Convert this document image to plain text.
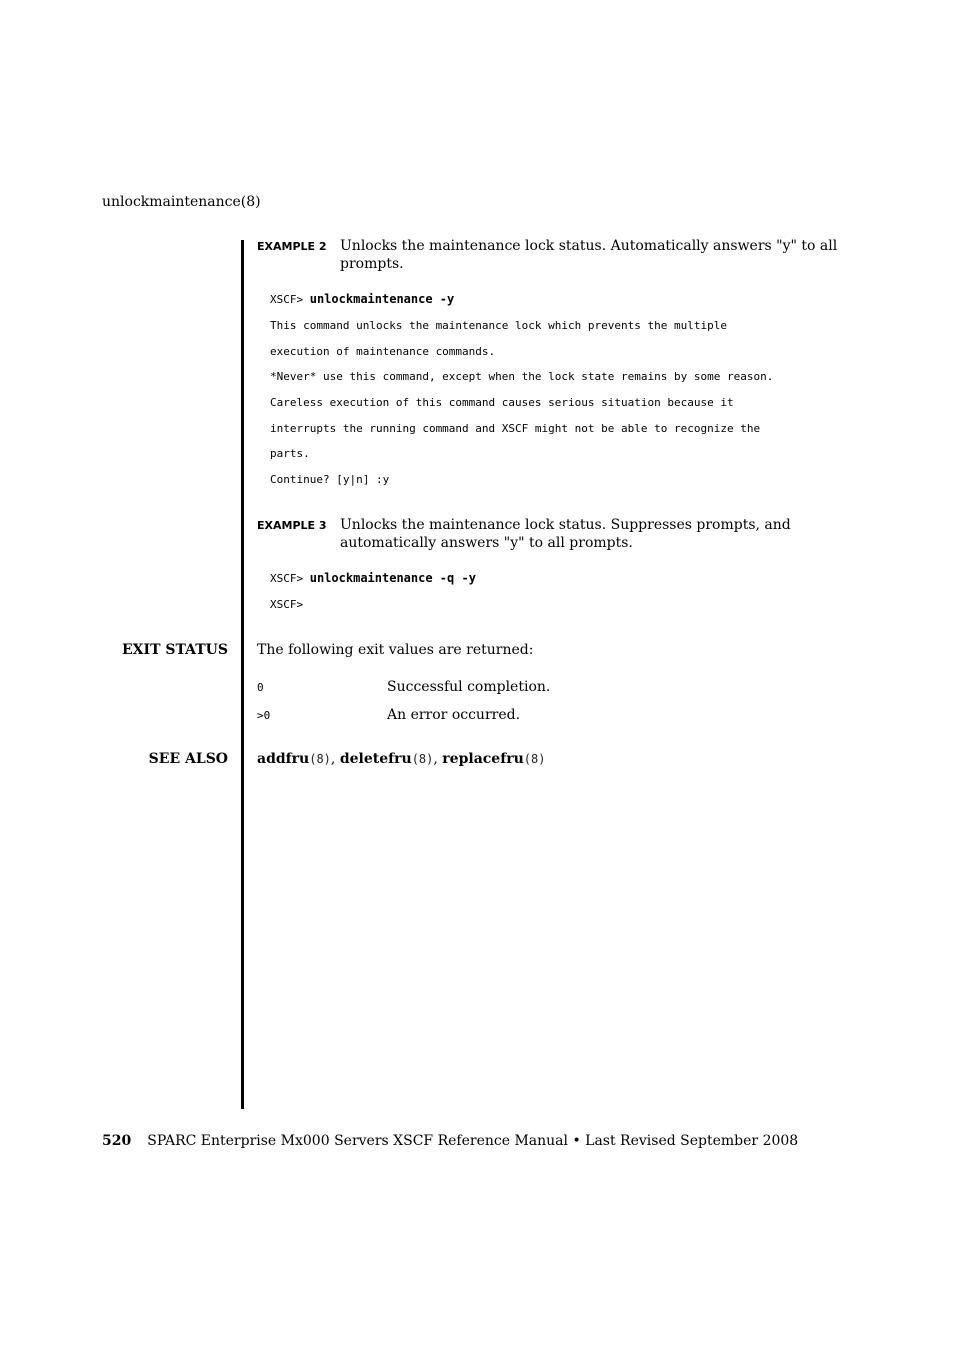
unlockmaintenance(8)
EXAMPLE 2 Unlocks the maintenance lock status. Automatically answers "y" to all prompts.
XSCF> unlockmaintenance -y
This command unlocks the maintenance lock which prevents the multiple
execution of maintenance commands.
*Never* use this command, except when the lock state remains by some reason.
Careless execution of this command causes serious situation because it
interrupts the running command and XSCF might not be able to recognize the
parts.
Continue? [y|n] :y
EXAMPLE 3 Unlocks the maintenance lock status. Suppresses prompts, and automatically answers "y" to all prompts.
XSCF> unlockmaintenance -q -y
XSCF>
EXIT STATUS The following exit values are returned:
0	Successful completion.
>0	An error occurred.
SEE ALSO addfru(8), deletefru(8), replacefru(8)
520 SPARC Enterprise Mx000 Servers XSCF Reference Manual • Last Revised September 2008
